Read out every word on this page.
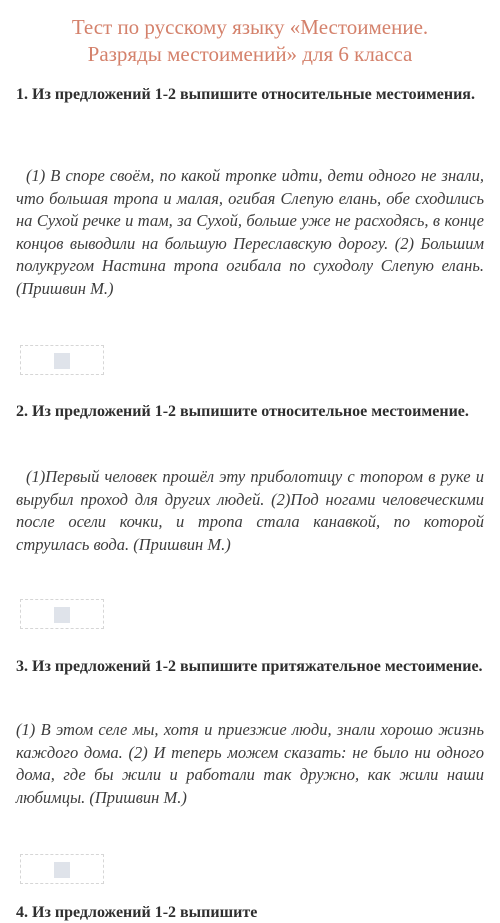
Тест по русскому языку «Местоимение.
Разряды местоимений» для 6 класса
1. Из предложений 1-2 выпишите относительные местоимения.
(1) В споре своём, по какой тропке идти, дети одного не знали, что большая тропа и малая, огибая Слепую елань, обе сходились на Сухой речке и там, за Сухой, больше уже не расходясь, в конце концов выводили на большую Переславскую дорогу. (2) Большим полукругом Настина тропа огибала по суходолу Слепую елань. (Пришвин М.)
2. Из предложений 1-2 выпишите относительное местоимение.
(1)Первый человек прошёл эту приболотицу с топором в руке и вырубил проход для других людей. (2)Под ногами человеческими после осели кочки, и тропа стала канавкой, по которой струилась вода. (Пришвин М.)
3. Из предложений 1-2 выпишите притяжательное местоимение.
(1) В этом селе мы, хотя и приезжие люди, знали хорошо жизнь каждого дома. (2) И теперь можем сказать: не было ни одного дома, где бы жили и работали так дружно, как жили наши любимцы. (Пришвин М.)
4. Из предложений 1-2 выпишите
